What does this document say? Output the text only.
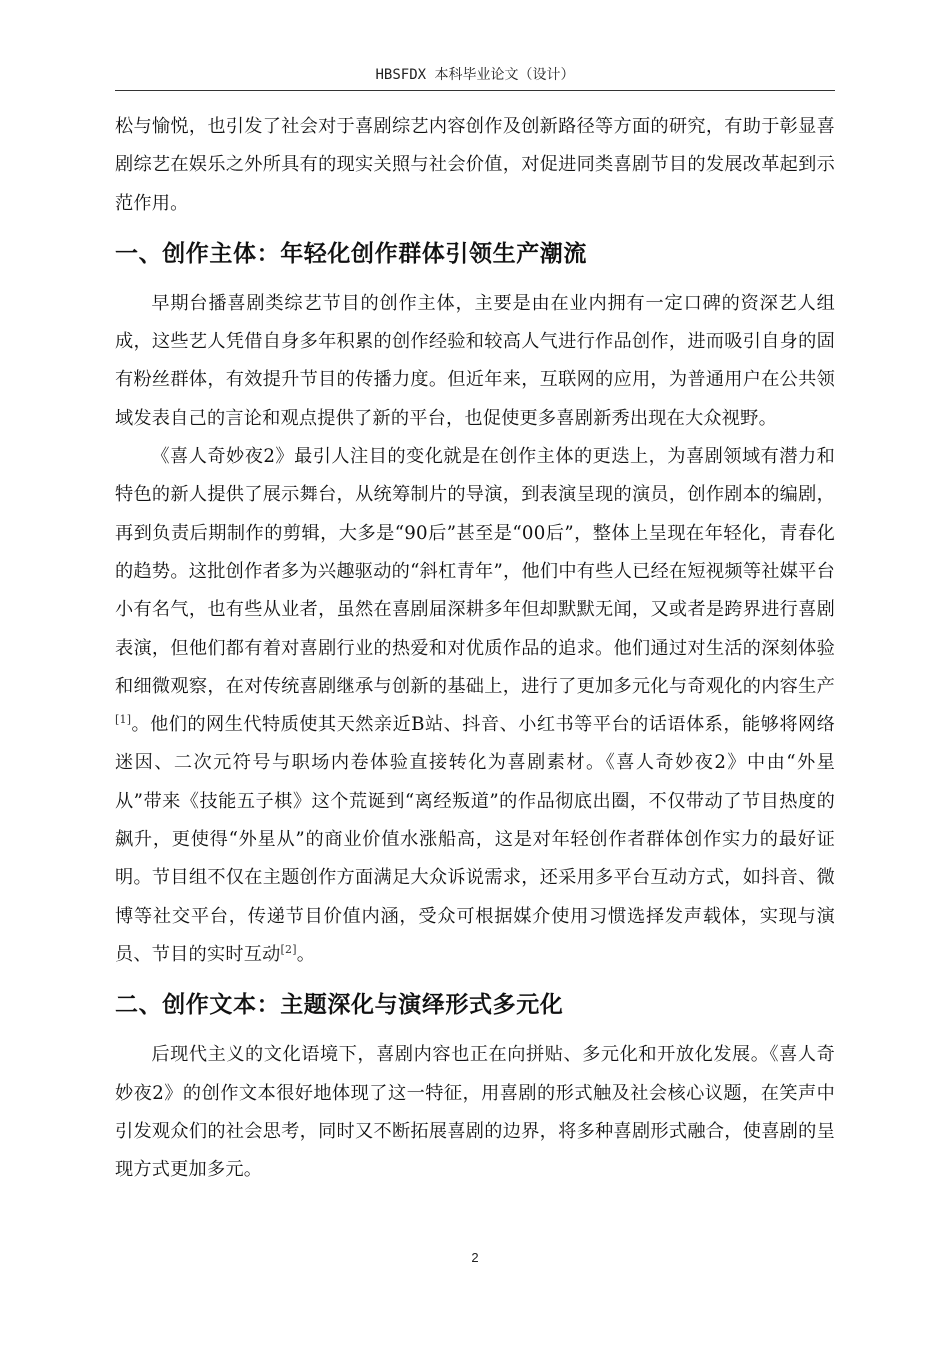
HBSFDX 本科毕业论文（设计）

松与愉悦，也引发了社会对于喜剧综艺内容创作及创新路径等方面的研究，有助于彰显喜剧综艺在娱乐之外所具有的现实关照与社会价值，对促进同类喜剧节目的发展改革起到示范作用。

一、创作主体：年轻化创作群体引领生产潮流

早期台播喜剧类综艺节目的创作主体，主要是由在业内拥有一定口碑的资深艺人组成，这些艺人凭借自身多年积累的创作经验和较高人气进行作品创作，进而吸引自身的固有粉丝群体，有效提升节目的传播力度。但近年来，互联网的应用，为普通用户在公共领域发表自己的言论和观点提供了新的平台，也促使更多喜剧新秀出现在大众视野。

《喜人奇妙夜2》最引人注目的变化就是在创作主体的更迭上，为喜剧领域有潜力和特色的新人提供了展示舞台，从统筹制片的导演，到表演呈现的演员，创作剧本的编剧，再到负责后期制作的剪辑，大多是“90后”甚至是“00后”，整体上呈现在年轻化，青春化的趋势。这批创作者多为兴趣驱动的“斜杠青年”，他们中有些人已经在短视频等社媒平台小有名气，也有些从业者，虽然在喜剧届深耕多年但却默默无闻，又或者是跨界进行喜剧表演，但他们都有着对喜剧行业的热爱和对优质作品的追求。他们通过对生活的深刻体验和细微观察，在对传统喜剧继承与创新的基础上，进行了更加多元化与奇观化的内容生产[1]。他们的网生代特质使其天然亲近B站、抖音、小红书等平台的话语体系，能够将网络迷因、二次元符号与职场内卷体验直接转化为喜剧素材。《喜人奇妙夜2》中由“外星从”带来《技能五子棋》这个荒诞到“离经叛道”的作品彻底出圈，不仅带动了节目热度的飙升，更使得“外星从”的商业价值水涨船高，这是对年轻创作者群体创作实力的最好证明。节目组不仅在主题创作方面满足大众诉说需求，还采用多平台互动方式，如抖音、微博等社交平台，传递节目价值内涵，受众可根据媒介使用习惯选择发声载体，实现与演员、节目的实时互动[2]。

二、创作文本：主题深化与演绎形式多元化

后现代主义的文化语境下，喜剧内容也正在向拼贴、多元化和开放化发展。《喜人奇妙夜2》的创作文本很好地体现了这一特征，用喜剧的形式触及社会核心议题，在笑声中引发观众们的社会思考，同时又不断拓展喜剧的边界，将多种喜剧形式融合，使喜剧的呈现方式更加多元。

2
